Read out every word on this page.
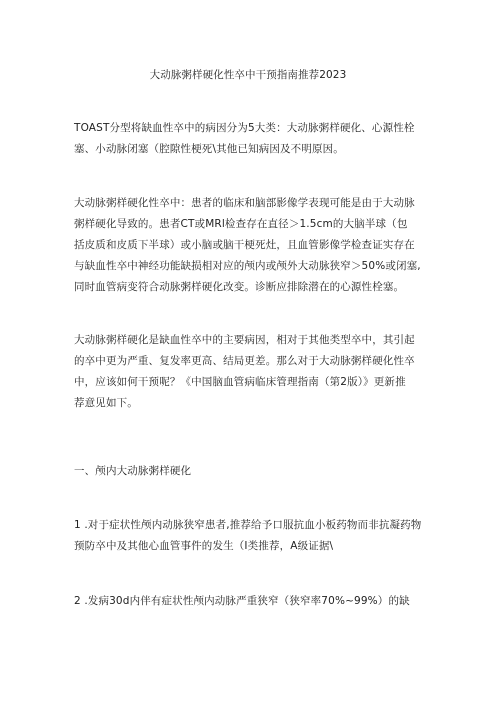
大动脉粥样硬化性卒中干预指南推荐2023

TOAST分型将缺血性卒中的病因分为5大类：大动脉粥样硬化、心源性栓
塞、小动脉闭塞（腔隙性梗死\其他已知病因及不明原因。

大动脉粥样硬化性卒中：患者的临床和脑部影像学表现可能是由于大动脉
粥样硬化导致的。患者CT或MRl检查存在直径＞1.5cm的大脑半球（包
括皮质和皮质下半球）或小脑或脑干梗死灶，且血管影像学检查证实存在
与缺血性卒中神经功能缺损相对应的颅内或颅外大动脉狭窄＞50%或闭塞,
同时血管病变符合动脉粥样硬化改变。诊断应排除潜在的心源性栓塞。

大动脉粥样硬化是缺血性卒中的主要病因，相对于其他类型卒中，其引起
的卒中更为严重、复发率更高、结局更差。那么对于大动脉粥样硬化性卒
中，应该如何干预呢？《中国脑血管病临床管理指南（第2版）》更新推
荐意见如下。

一、颅内大动脉粥样硬化

1 .对于症状性颅内动脉狭窄患者,推荐给予口服抗血小板药物而非抗凝药物
预防卒中及其他心血管事件的发生（I类推荐，A级证据\

2 .发病30d内伴有症状性颅内动脉严重狭窄（狭窄率70%~99%）的缺
